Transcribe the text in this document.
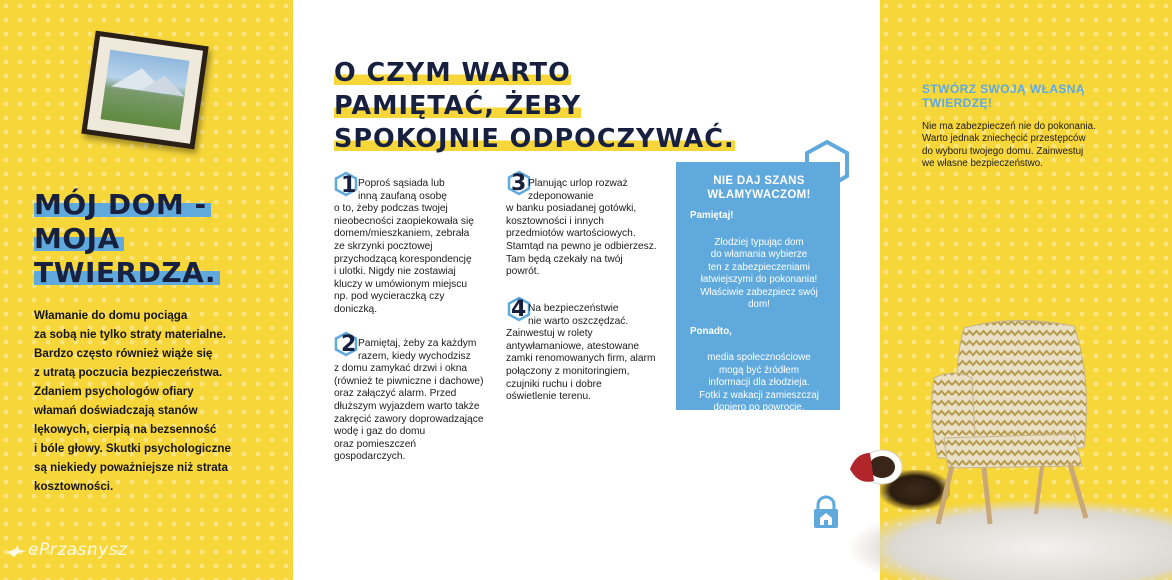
MÓJ DOM -
MOJA
TWIERDZA.
Włamanie do domu pociąga
za sobą nie tylko straty materialne.
Bardzo często również wiąże się
z utratą poczucia bezpieczeństwa.
Zdaniem psychologów ofiary
włamań doświadczają stanów
lękowych, cierpią na bezsenność
i bóle głowy. Skutki psychologiczne
są niekiedy poważniejsze niż strata
kosztowności.
ePrzasnysz
O CZYM WARTO
PAMIĘTAĆ, ŻEBY
SPOKOJNIE ODPOCZYWAĆ.
1 Poproś sąsiada lub
inną zaufaną osobę
o to, żeby podczas twojej
nieobecności zaopiekowała się
domem/mieszkaniem, zebrała
ze skrzynki pocztowej
przychodzącą korespondencję
i ulotki. Nigdy nie zostawiaj
kluczy w umówionym miejscu
np. pod wycieraczką czy
doniczką.
2 Pamiętaj, żeby za każdym
razem, kiedy wychodzisz
z domu zamykać drzwi i okna
(również te piwniczne i dachowe)
oraz załączyć alarm. Przed
dłuższym wyjazdem warto także
zakręcić zawory doprowadzające
wodę i gaz do domu
oraz pomieszczeń
gospodarczych.
3 Planując urlop rozważ
zdeponowanie
w banku posiadanej gotówki,
kosztowności i innych
przedmiotów wartościowych.
Stamtąd na pewno je odbierzesz.
Tam będą czekały na twój
powrót.
4 Na bezpieczeństwie
nie warto oszczędzać.
Zainwestuj w rolety
antywłamaniowe, atestowane
zamki renomowanych firm, alarm
połączony z monitoringiem,
czujniki ruchu i dobre
oświetlenie terenu.
NIE DAJ SZANS
WŁAMYWACZOM!
Pamiętaj!
Złodziej typując dom
do włamania wybierze
ten z zabezpieczeniami
łatwiejszymi do pokonania!
Właściwie zabezpiecz swój
dom!
Ponadto,
media społecznościowe
mogą być źródłem
informacji dla złodzieja.
Fotki z wakacji zamieszczaj
dopiero po powrocie.
STWÓRZ SWOJĄ WŁASNĄ
TWIERDZĘ!
Nie ma zabezpieczeń nie do pokonania.
Warto jednak zniechęcić przestępców
do wyboru twojego domu. Zainwestuj
we własne bezpieczeństwo.
